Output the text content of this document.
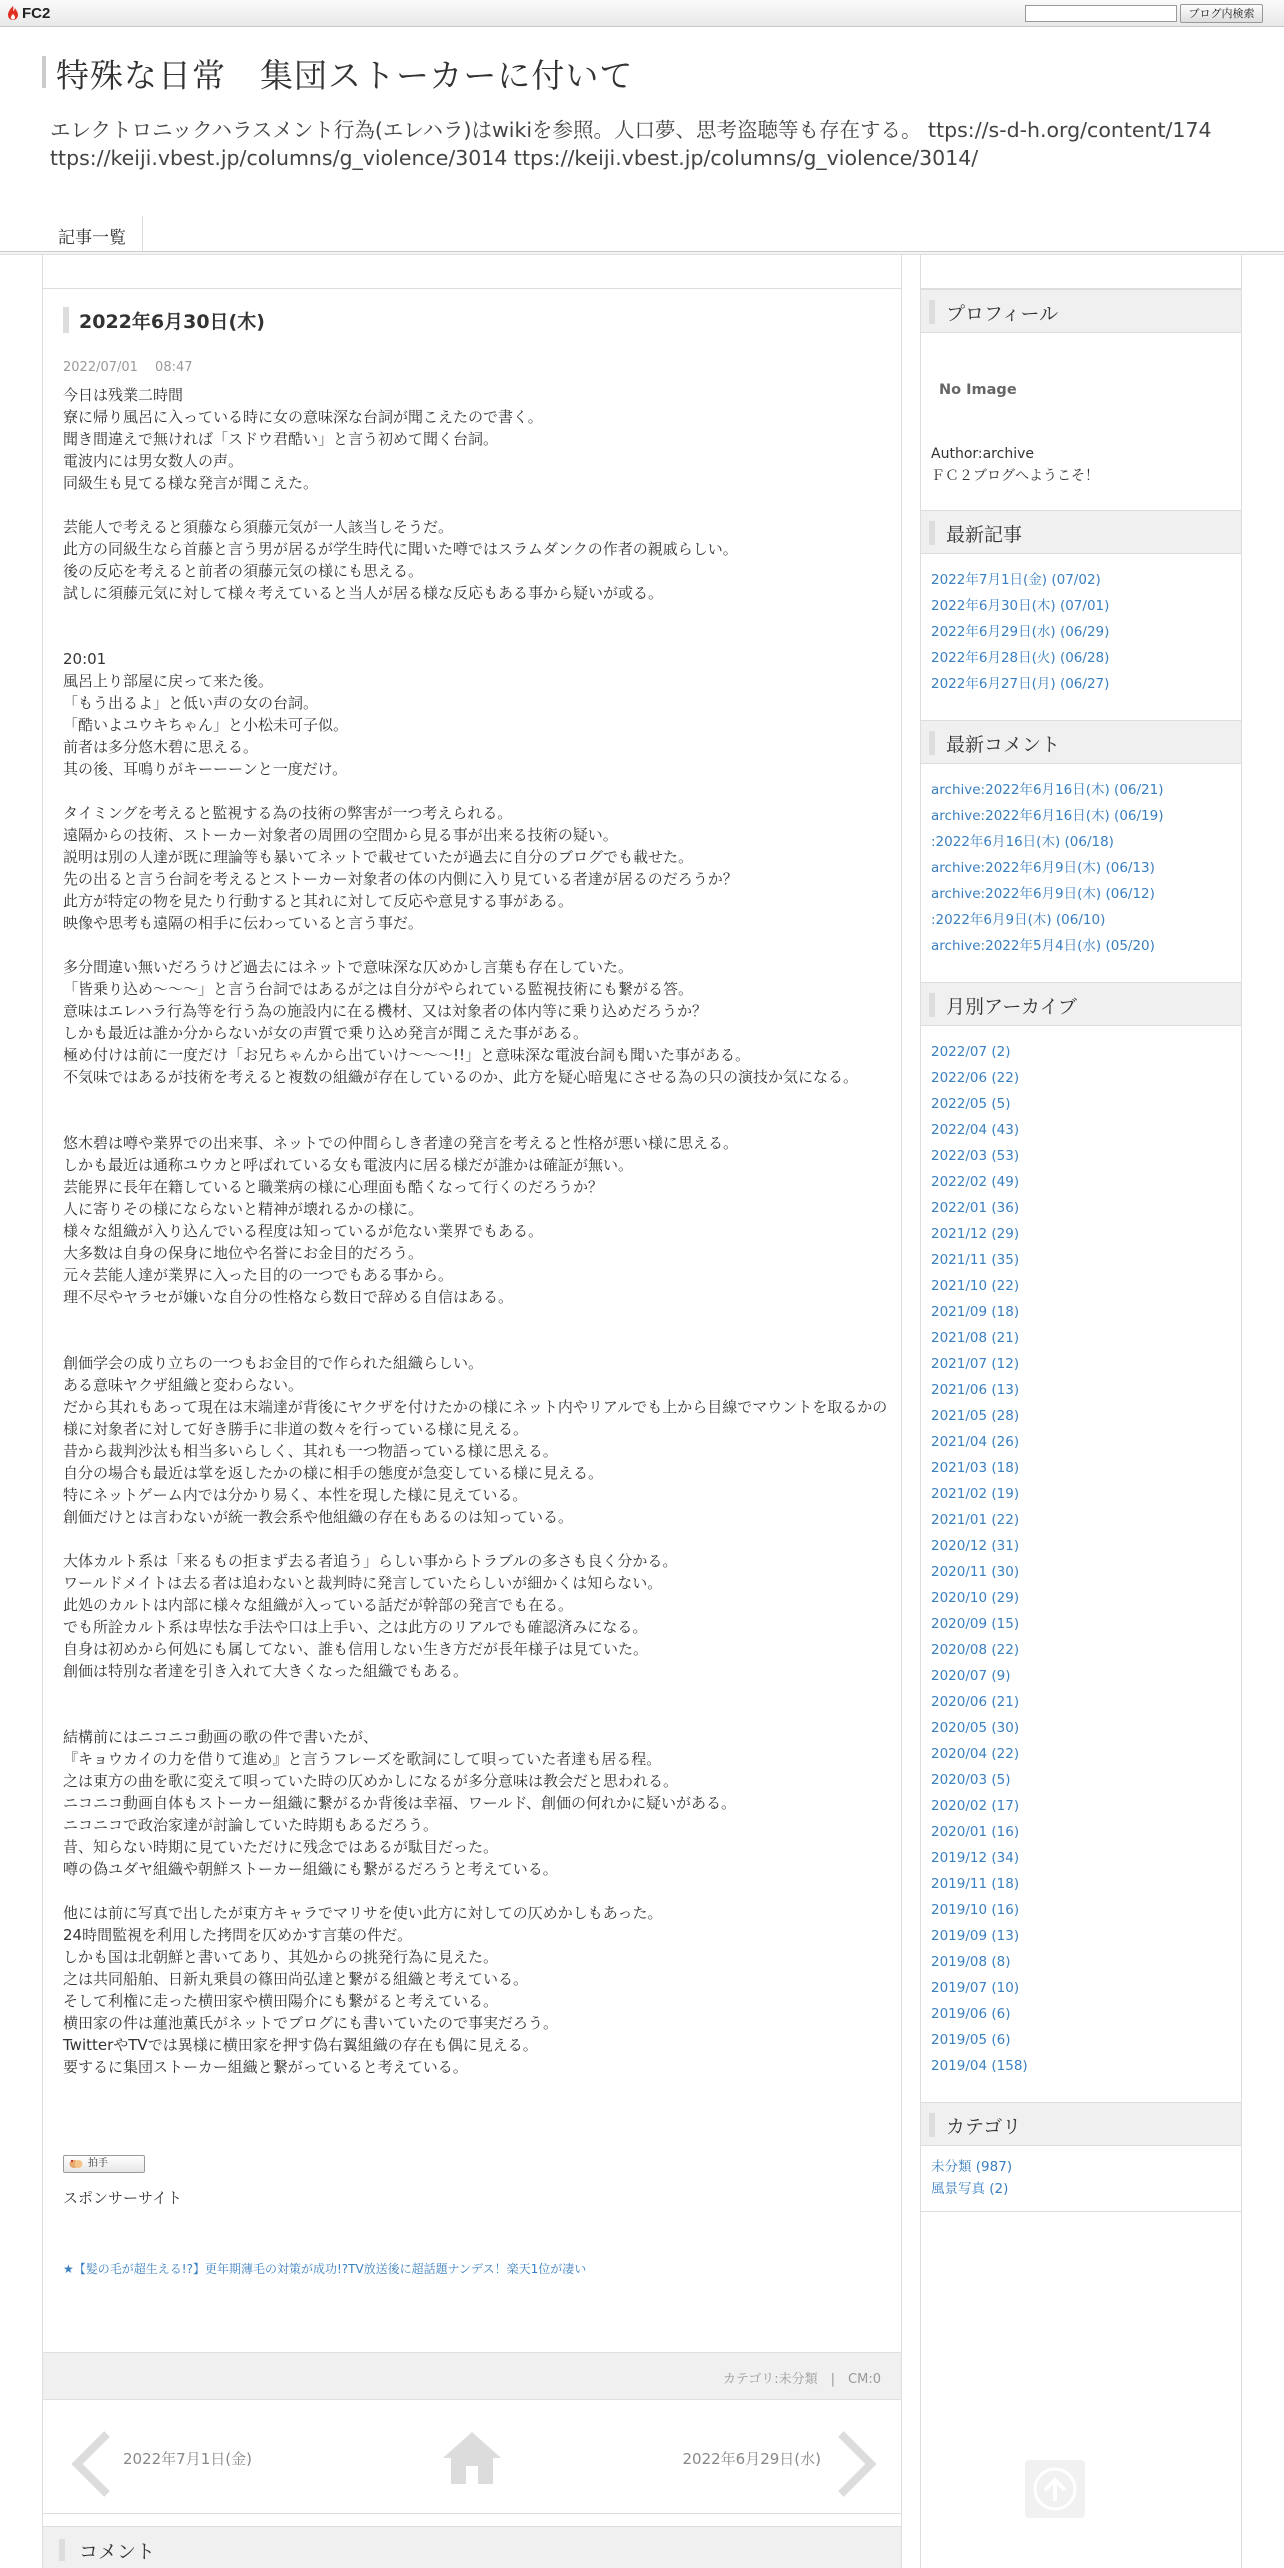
FC2	ブログ内検索
特殊な日常　集団ストーカーに付いて
エレクトロニックハラスメント行為(エレハラ)はwikiを参照。人口夢、思考盗聴等も存在する。 ttps://s-d-h.org/content/174
ttps://keiji.vbest.jp/columns/g_violence/3014 ttps://keiji.vbest.jp/columns/g_violence/3014/
記事一覧
2022年6月30日(木)
2022/07/01　 08:47
今日は残業二時間
寮に帰り風呂に入っている時に女の意味深な台詞が聞こえたので書く。
聞き間違えで無ければ「スドウ君酷い」と言う初めて聞く台詞。
電波内には男女数人の声。
同級生も見てる様な発言が聞こえた。

芸能人で考えると須藤なら須藤元気が一人該当しそうだ。
此方の同級生なら首藤と言う男が居るが学生時代に聞いた噂ではスラムダンクの作者の親戚らしい。
後の反応を考えると前者の須藤元気の様にも思える。
試しに須藤元気に対して様々考えていると当人が居る様な反応もある事から疑いが或る。

20:01
風呂上り部屋に戻って来た後。
「もう出るよ」と低い声の女の台詞。
「酷いよユウキちゃん」と小松未可子似。
前者は多分悠木碧に思える。
其の後、耳鳴りがキーーーンと一度だけ。

タイミングを考えると監視する為の技術の弊害が一つ考えられる。
遠隔からの技術、ストーカー対象者の周囲の空間から見る事が出来る技術の疑い。
説明は別の人達が既に理論等も暴いてネットで載せていたが過去に自分のブログでも載せた。
先の出ると言う台詞を考えるとストーカー対象者の体の内側に入り見ている者達が居るのだろうか？
此方が特定の物を見たり行動すると其れに対して反応や意見する事がある。
映像や思考も遠隔の相手に伝わっていると言う事だ。

多分間違い無いだろうけど過去にはネットで意味深な仄めかし言葉も存在していた。
「皆乗り込め～～～」と言う台詞ではあるが之は自分がやられている監視技術にも繋がる答。
意味はエレハラ行為等を行う為の施設内に在る機材、又は対象者の体内等に乗り込めだろうか？
しかも最近は誰か分からないが女の声質で乗り込め発言が聞こえた事がある。
極め付けは前に一度だけ「お兄ちゃんから出ていけ～～～!!」と意味深な電波台詞も聞いた事がある。
不気味ではあるが技術を考えると複数の組織が存在しているのか、此方を疑心暗鬼にさせる為の只の演技か気になる。

悠木碧は噂や業界での出来事、ネットでの仲間らしき者達の発言を考えると性格が悪い様に思える。
しかも最近は通称ユウカと呼ばれている女も電波内に居る様だが誰かは確証が無い。
芸能界に長年在籍していると職業病の様に心理面も酷くなって行くのだろうか？
人に寄りその様にならないと精神が壊れるかの様に。
様々な組織が入り込んでいる程度は知っているが危ない業界でもある。
大多数は自身の保身に地位や名誉にお金目的だろう。
元々芸能人達が業界に入った目的の一つでもある事から。
理不尽やヤラセが嫌いな自分の性格なら数日で辞める自信はある。

創価学会の成り立ちの一つもお金目的で作られた組織らしい。
ある意味ヤクザ組織と変わらない。
だから其れもあって現在は末端達が背後にヤクザを付けたかの様にネット内やリアルでも上から目線でマウントを取るかの様に対象者に対して好き勝手に非道の数々を行っている様に見える。
昔から裁判沙汰も相当多いらしく、其れも一つ物語っている様に思える。
自分の場合も最近は掌を返したかの様に相手の態度が急変している様に見える。
特にネットゲーム内では分かり易く、本性を現した様に見えている。
創価だけとは言わないが統一教会系や他組織の存在もあるのは知っている。

大体カルト系は「来るもの拒まず去る者追う」らしい事からトラブルの多さも良く分かる。
ワールドメイトは去る者は追わないと裁判時に発言していたらしいが細かくは知らない。
此処のカルトは内部に様々な組織が入っている話だが幹部の発言でも在る。
でも所詮カルト系は卑怯な手法や口は上手い、之は此方のリアルでも確認済みになる。
自身は初めから何処にも属してない、誰も信用しない生き方だが長年様子は見ていた。
創価は特別な者達を引き入れて大きくなった組織でもある。

結構前にはニコニコ動画の歌の件で書いたが、
『キョウカイの力を借りて進め』と言うフレーズを歌詞にして唄っていた者達も居る程。
之は東方の曲を歌に変えて唄っていた時の仄めかしになるが多分意味は教会だと思われる。
ニコニコ動画自体もストーカー組織に繋がるか背後は幸福、ワールド、創価の何れかに疑いがある。
ニコニコで政治家達が討論していた時期もあるだろう。
昔、知らない時期に見ていただけに残念ではあるが駄目だった。
噂の偽ユダヤ組織や朝鮮ストーカー組織にも繋がるだろうと考えている。

他には前に写真で出したが東方キャラでマリサを使い此方に対しての仄めかしもあった。
24時間監視を利用した拷問を仄めかす言葉の件だ。
しかも国は北朝鮮と書いてあり、其処からの挑発行為に見えた。
之は共同船舶、日新丸乗員の篠田尚弘達と繋がる組織と考えている。
そして利権に走った横田家や横田陽介にも繋がると考えている。
横田家の件は蓮池薫氏がネットでブログにも書いていたので事実だろう。
TwitterやTVでは異様に横田家を押す偽右翼組織の存在も偶に見える。
要するに集団ストーカー組織と繋がっていると考えている。
拍手
スポンサーサイト
★【髪の毛が超生える!?】更年期薄毛の対策が成功!?TV放送後に超話題ナンデス！楽天1位が凄い
カテゴリ:未分類　|　CM:0
2022年7月1日(金)	2022年6月29日(水)
コメント
プロフィール
No Image
Author:archive
ＦＣ２ブログへようこそ！
最新記事
2022年7月1日(金) (07/02)
2022年6月30日(木) (07/01)
2022年6月29日(水) (06/29)
2022年6月28日(火) (06/28)
2022年6月27日(月) (06/27)
最新コメント
archive:2022年6月16日(木) (06/21)
archive:2022年6月16日(木) (06/19)
:2022年6月16日(木) (06/18)
archive:2022年6月9日(木) (06/13)
archive:2022年6月9日(木) (06/12)
:2022年6月9日(木) (06/10)
archive:2022年5月4日(水) (05/20)
月別アーカイブ
2022/07 (2)
2022/06 (22)
2022/05 (5)
2022/04 (43)
2022/03 (53)
2022/02 (49)
2022/01 (36)
2021/12 (29)
2021/11 (35)
2021/10 (22)
2021/09 (18)
2021/08 (21)
2021/07 (12)
2021/06 (13)
2021/05 (28)
2021/04 (26)
2021/03 (18)
2021/02 (19)
2021/01 (22)
2020/12 (31)
2020/11 (30)
2020/10 (29)
2020/09 (15)
2020/08 (22)
2020/07 (9)
2020/06 (21)
2020/05 (30)
2020/04 (22)
2020/03 (5)
2020/02 (17)
2020/01 (16)
2019/12 (34)
2019/11 (18)
2019/10 (16)
2019/09 (13)
2019/08 (8)
2019/07 (10)
2019/06 (6)
2019/05 (6)
2019/04 (158)
カテゴリ
未分類 (987)
風景写真 (2)
